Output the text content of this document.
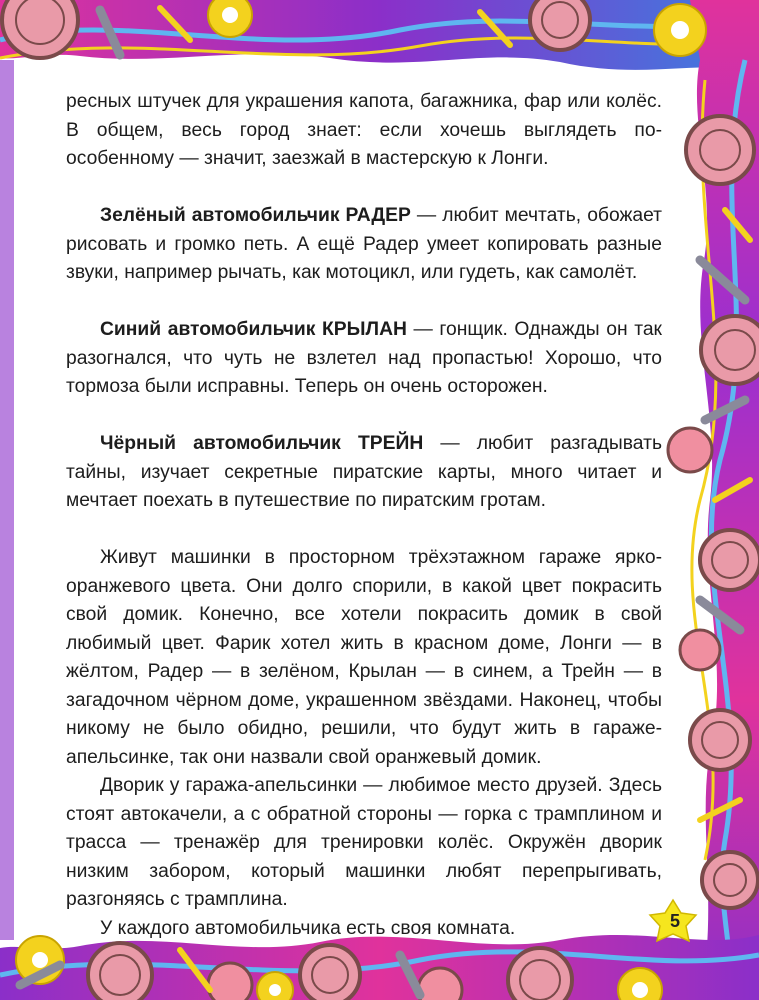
ресных штучек для украшения капота, багажника, фар или колёс. В общем, весь город знает: если хочешь выглядеть по-особенному — значит, заезжай в мастерскую к Лонги.

Зелёный автомобильчик РАДЕР — любит мечтать, обожает рисовать и громко петь. А ещё Радер умеет копировать разные звуки, например рычать, как мотоцикл, или гудеть, как самолёт.

Синий автомобильчик КРЫЛАН — гонщик. Однажды он так разогнался, что чуть не взлетел над пропастью! Хорошо, что тормоза были исправны. Теперь он очень осторожен.

Чёрный автомобильчик ТРЕЙН — любит разгадывать тайны, изучает секретные пиратские карты, много читает и мечтает поехать в путешествие по пиратским гротам.

Живут машинки в просторном трёхэтажном гараже ярко-оранжевого цвета. Они долго спорили, в какой цвет покрасить свой домик. Конечно, все хотели покрасить домик в свой любимый цвет. Фарик хотел жить в красном доме, Лонги — в жёлтом, Радер — в зелёном, Крылан — в синем, а Трейн — в загадочном чёрном доме, украшенном звёздами. Наконец, чтобы никому не было обидно, решили, что будут жить в гараже-апельсинке, так они назвали свой оранжевый домик.

Дворик у гаража-апельсинки — любимое место друзей. Здесь стоят автокачели, а с обратной стороны — горка с трамплином и трасса — тренажёр для тренировки колёс. Окружён дворик низким забором, который машинки любят перепрыгивать, разгоняясь с трамплина.

У каждого автомобильчика есть своя комната.	5
